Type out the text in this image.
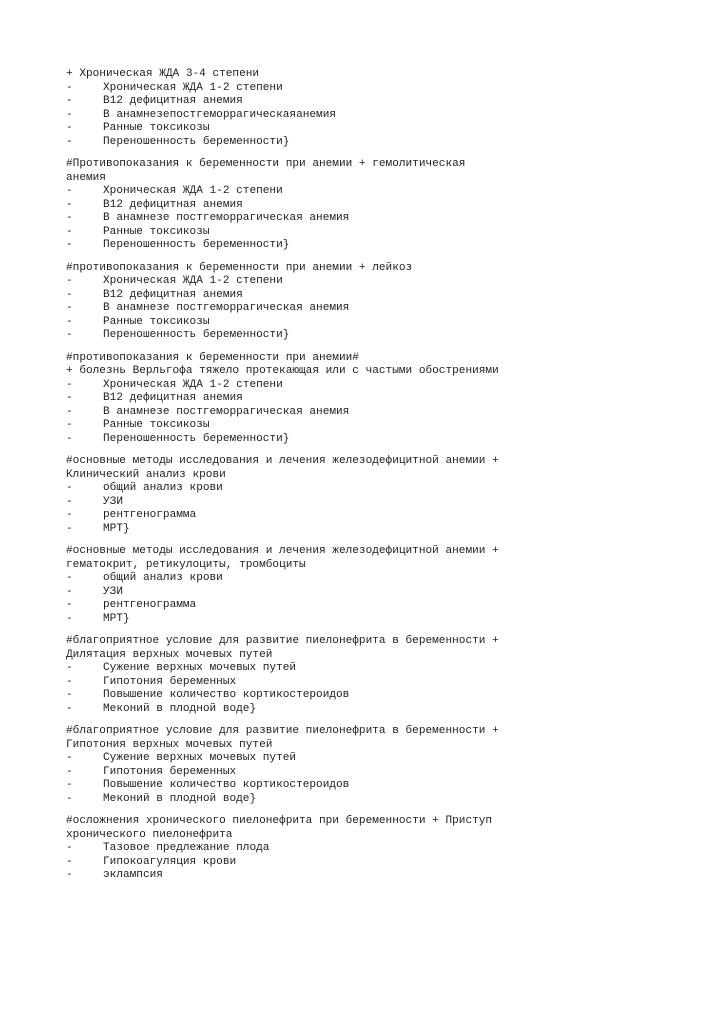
+ Хроническая ЖДА 3-4 степени
-	Хроническая ЖДА 1-2 степени
-	B12 дефицитная анемия
-	В анамнезепостгеморрагическаяанемия
-	Ранные токсикозы
-	Переношенность беременности}
#Противопоказания к беременности при анемии + гемолитическая
анемия
-	Хроническая ЖДА 1-2 степени
-	B12 дефицитная анемия
-	В анамнезе постгеморрагическая анемия
-	Ранные токсикозы
-	Переношенность беременности}
#противопоказания к беременности при анемии + лейкоз
-	Хроническая ЖДА 1-2 степени
-	B12 дефицитная анемия
-	В анамнезе постгеморрагическая анемия
-	Ранные токсикозы
-	Переношенность беременности}
#противопоказания к беременности при анемии#
+ болезнь Верльгофа тяжело протекающая или с частыми обострениями
-	Хроническая ЖДА 1-2 степени
-	B12 дефицитная анемия
-	В анамнезе постгеморрагическая анемия
-	Ранные токсикозы
-	Переношенность беременности}
#основные методы исследования и лечения железодефицитной анемии +
Клинический анализ крови
-	общий анализ крови
-	УЗИ
-	рентгенограмма
-	МРТ}
#основные методы исследования и лечения железодефицитной анемии +
гематокрит, ретикулоциты, тромбоциты
-	общий анализ крови
-	УЗИ
-	рентгенограмма
-	МРТ}
#благоприятное условие для развитие пиелонефрита в беременности +
Дилятация верхных мочевых путей
-	Сужение верхных мочевых путей
-	Гипотония беременных
-	Повышение количество кортикостероидов
-	Меконий в плодной воде}
#благоприятное условие для развитие пиелонефрита в беременности +
Гипотония верхных мочевых путей
-	Сужение верхных мочевых путей
-	Гипотония беременных
-	Повышение количество кортикостероидов
-	Меконий в плодной воде}
#осложнения хронического пиелонефрита при беременности + Приступ
хронического пиелонефрита
-	Тазовое предлежание плода
-	Гипокоагуляция крови
-	эклампсия
